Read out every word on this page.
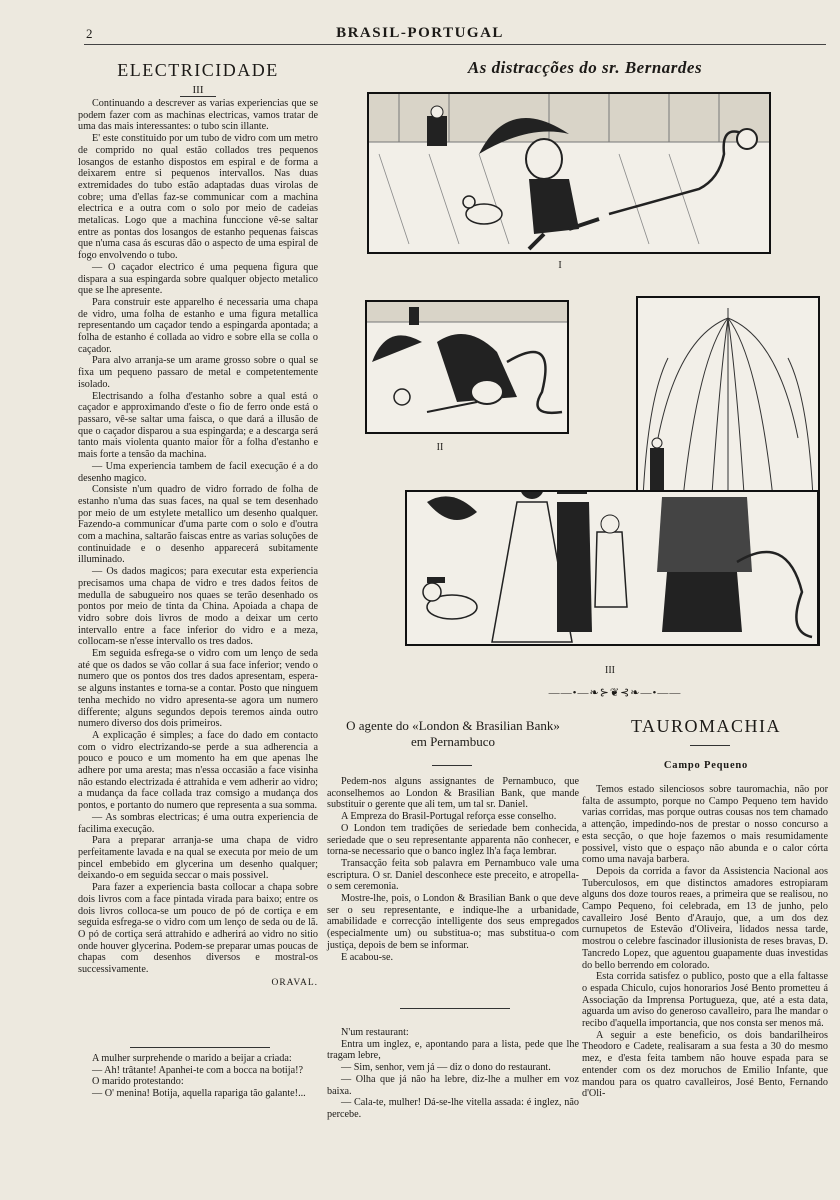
2	BRASIL-PORTUGAL
ELECTRICIDADE
III

Continuando a descrever as varias experiencias que se podem fazer com as machinas electricas, vamos tratar de uma das mais interessantes: o tubo scin illante.

E' este constituido por um tubo de vidro com um metro de comprido no qual estão collados tres pequenos losangos de estanho dispostos em espiral e de forma a deixarem entre si pequenos intervallos. Nas duas extremidades do tubo estão adaptadas duas virolas de cobre; uma d'ellas faz-se communicar com a machina electrica e a outra com o solo por meio de cadeias metalicas. Logo que a machina funccione vê-se saltar entre as pontas dos losangos de estanho pequenas faiscas que n'uma casa ás escuras dão o aspecto de uma espiral de fogo envolvendo o tubo.

— O caçador electrico é uma pequena figura que dispara a sua espingarda sobre qualquer objecto metalico que se lhe apresente.

Para construir este apparelho é necessaria uma chapa de vidro, uma folha de estanho e uma figura metallica representando um caçador tendo a espingarda apontada; a folha de estanho é collada ao vidro e sobre ella se colla o caçador.

Para alvo arranja-se um arame grosso sobre o qual se fixa um pequeno passaro de metal e competentemente isolado.

Electrisando a folha d'estanho sobre a qual está o caçador e approximando d'este o fio de ferro onde está o passaro, vê-se saltar uma faisca, o que dará a illusão de que o caçador disparou a sua espingarda; e a descarga será tanto mais violenta quanto maior fôr a folha d'estanho e mais forte a tensão da machina.

— Uma experiencia tambem de facil execução é a do desenho magico.

Consiste n'um quadro de vidro forrado de folha de estanho n'uma das suas faces, na qual se tem desenhado por meio de um estylete metallico um desenho qualquer. Fazendo-a communicar d'uma parte com o solo e d'outra com a machina, saltarão faiscas entre as varias soluções de continuidade e o desenho apparecerá subitamente illuminado.

— Os dados magicos; para executar esta experiencia precisamos uma chapa de vidro e tres dados feitos de medulla de sabugueiro nos quaes se terão desenhado os pontos por meio de tinta da China. Apoiada a chapa de vidro sobre dois livros de modo a deixar um certo intervallo entre a face inferior do vidro e a meza, collocam-se n'esse intervallo os tres dados.

Em seguida esfrega-se o vidro com um lenço de seda até que os dados se vão collar á sua face inferior; vendo o numero que os pontos dos tres dados apresentam, espera-se alguns instantes e torna-se a contar. Posto que ninguem tenha mechido no vidro apresenta-se agora um numero differente; alguns segundos depois teremos ainda outro numero diverso dos dois primeiros.

A explicação é simples; a face do dado em contacto com o vidro electrizando-se perde a sua adherencia a pouco e pouco e um momento ha em que apenas lhe adhere por uma aresta; mas n'essa occasião a face visinha não estando electrizada é attrahida e vem adherir ao vidro; a mudança da face collada traz comsigo a mudança dos pontos, e portanto do numero que representa a sua somma.

— As sombras electricas; é uma outra experiencia de facilima execução.

Para a preparar arranja-se uma chapa de vidro perfeitamente lavada e na qual se executa por meio de um pincel embebido em glycerina um desenho qualquer; deixando-o em seguida seccar o mais possivel.

Para fazer a experiencia basta collocar a chapa sobre dois livros com a face pintada virada para baixo; entre os dois livros colloca-se um pouco de pó de cortiça e em seguida esfrega-se o vidro com um lenço de seda ou de lã. O pó de cortiça será attrahido e adherirá ao vidro no sitio onde houver glycerina. Podem-se preparar umas poucas de chapas com desenhos diversos e mostral-os successivamente.

ORAVAL.

A mulher surprehende o marido a beijar a criada:

— Ah! trâtante! Apanhei-te com a bocca na botija!?

O marido protestando:

— O' menina! Botija, aquella rapariga tão galante!...

As distracções do sr. Bernardes
I
II
III
——•—❧⊱❦⊰❧—•——
O agente do «London & Brasilian Bank»
em Pernambuco

Pedem-nos alguns assignantes de Pernambuco, que aconselhemos ao London & Brasilian Bank, que mande substituir o gerente que ali tem, um tal sr. Daniel.

A Empreza do Brasil-Portugal reforça esse conselho.

O London tem tradições de seriedade bem conhecida, seriedade que o seu representante apparenta não conhecer, e torna-se necessario que o banco inglez lh'a faça lembrar.

Transacção feita sob palavra em Pernambuco vale uma escriptura. O sr. Daniel desconhece este preceito, e atropella-o sem ceremonia.

Mostre-lhe, pois, o London & Brasilian Bank o que deve ser o seu representante, e indique-lhe a urbanidade, amabilidade e correcção intelligente dos seus empregados (especialmente um) ou substitua-o; mas substitua-o com justiça, depois de bem se informar.

E acabou-se.

N'um restaurant:

Entra um inglez, e, apontando para a lista, pede que lhe tragam lebre,

— Sim, senhor, vem já — diz o dono do restaurant.

— Olha que já não ha lebre, diz-lhe a mulher em voz baixa.

— Cala-te, mulher! Dá-se-lhe vitella assada: é inglez, não percebe.

TAUROMACHIA
Campo Pequeno

Temos estado silenciosos sobre tauromachia, não por falta de assumpto, porque no Campo Pequeno tem havido varias corridas, mas porque outras cousas nos tem chamado a attenção, impedindo-nos de prestar o nosso concurso a esta secção, o que hoje fazemos o mais resumidamente possivel, visto que o espaço não abunda e o calor córta como uma navaja barbera.

Depois da corrida a favor da Assistencia Nacional aos Tuberculosos, em que distinctos amadores estropiaram alguns dos doze touros reaes, a primeira que se realisou, no Campo Pequeno, foi celebrada, em 13 de junho, pelo cavalleiro José Bento d'Araujo, que, a um dos dez curnupetos de Estevão d'Oliveira, lidados nessa tarde, mostrou o celebre fascinador illusionista de reses bravas, D. Tancredo Lopez, que aguentou guapamente duas investidas do bello berrendo em colorado.

Esta corrida satisfez o publico, posto que a ella faltasse o espada Chiculo, cujos honorarios José Bento prometteu á Associação da Imprensa Portugueza, que, até a esta data, aguarda um aviso do generoso cavalleiro, para lhe mandar o recibo d'aquella importancia, que nos consta ser menos má.

A seguir a este beneficio, os dois bandarilheiros Theodoro e Cadete, realisaram a sua festa a 30 do mesmo mez, e d'esta feita tambem não houve espada para se entender com os dez moruchos de Emilio Infante, que mandou para os quatro cavalleiros, José Bento, Fernando d'Oli-
